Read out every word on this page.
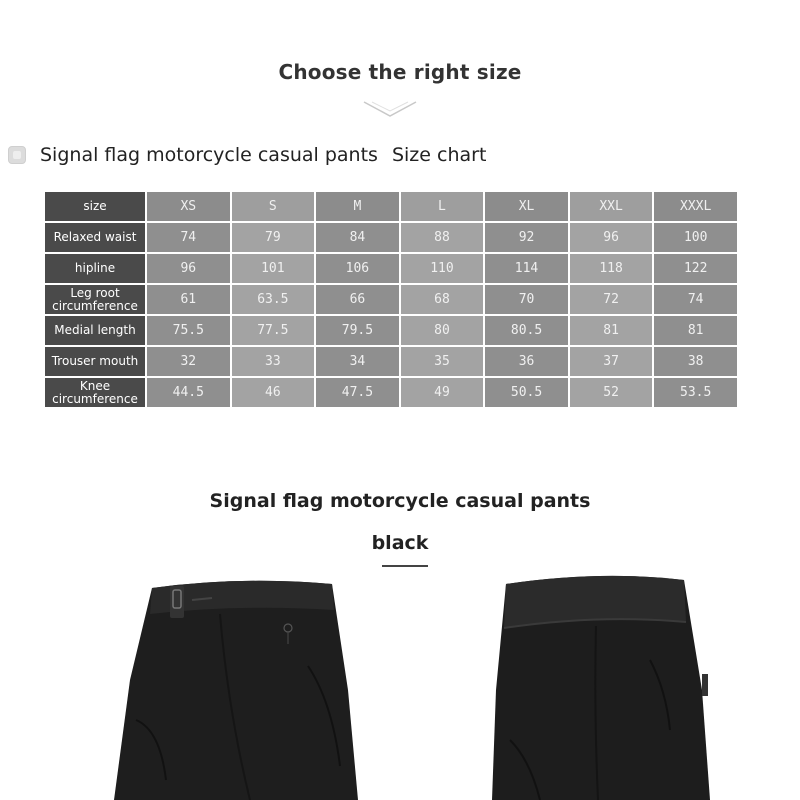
Choose the right size
Signal flag motorcycle casual pants Size chart
size	XS	S	M	L	XL	XXL	XXXL
Relaxed waist	74	79	84	88	92	96	100
hipline	96	101	106	110	114	118	122
Leg root circumference	61	63.5	66	68	70	72	74
Medial length	75.5	77.5	79.5	80	80.5	81	81
Trouser mouth	32	33	34	35	36	37	38
Knee circumference	44.5	46	47.5	49	50.5	52	53.5
Signal flag motorcycle casual pants
black
